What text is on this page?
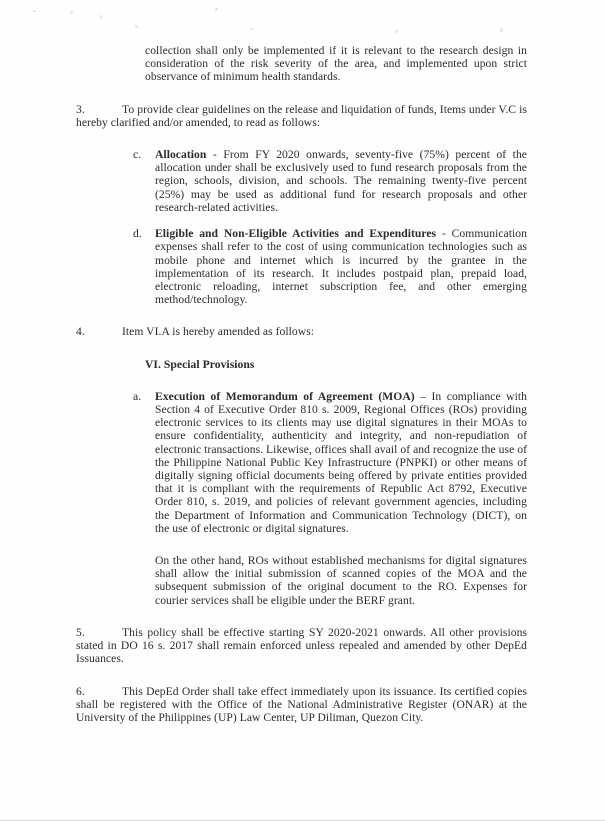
collection shall only be implemented if it is relevant to the research design in consideration of the risk severity of the area, and implemented upon strict observance of minimum health standards.

3.	To provide clear guidelines on the release and liquidation of funds, Items under V.C is hereby clarified and/or amended, to read as follows:

c.	Allocation - From FY 2020 onwards, seventy-five (75%) percent of the allocation under shall be exclusively used to fund research proposals from the region, schools, division, and schools. The remaining twenty-five percent (25%) may be used as additional fund for research proposals and other research-related activities.

d.	Eligible and Non-Eligible Activities and Expenditures - Communication expenses shall refer to the cost of using communication technologies such as mobile phone and internet which is incurred by the grantee in the implementation of its research. It includes postpaid plan, prepaid load, electronic reloading, internet subscription fee, and other emerging method/technology.

4.	Item VI.A is hereby amended as follows:

VI. Special Provisions

a.	Execution of Memorandum of Agreement (MOA) – In compliance with Section 4 of Executive Order 810 s. 2009, Regional Offices (ROs) providing electronic services to its clients may use digital signatures in their MOAs to ensure confidentiality, authenticity and integrity, and non-repudiation of electronic transactions. Likewise, offices shall avail of and recognize the use of the Philippine National Public Key Infrastructure (PNPKI) or other means of digitally signing official documents being offered by private entities provided that it is compliant with the requirements of Republic Act 8792, Executive Order 810, s. 2019, and policies of relevant government agencies, including the Department of Information and Communication Technology (DICT), on the use of electronic or digital signatures.

On the other hand, ROs without established mechanisms for digital signatures shall allow the initial submission of scanned copies of the MOA and the subsequent submission of the original document to the RO. Expenses for courier services shall be eligible under the BERF grant.

5.	This policy shall be effective starting SY 2020-2021 onwards. All other provisions stated in DO 16 s. 2017 shall remain enforced unless repealed and amended by other DepEd Issuances.

6.	This DepEd Order shall take effect immediately upon its issuance. Its certified copies shall be registered with the Office of the National Administrative Register (ONAR) at the University of the Philippines (UP) Law Center, UP Diliman, Quezon City.
